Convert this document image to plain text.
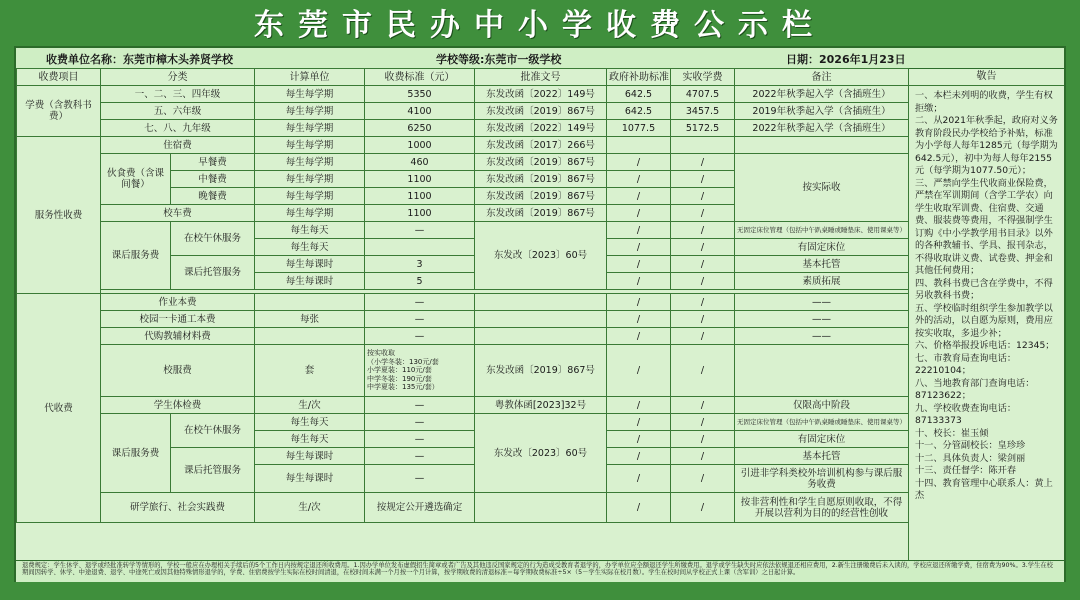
东莞市民办中小学收费公示栏
收费单位名称：东莞市樟木头养贤学校	学校等级:东莞市一级学校	日期：2026年1月23日
收费项目	分类		计算单位	收费标准（元）	批准文号	政府补助标准	实收学费	备注
学费（含教科书费）	一、二、三、四年级		每生每学期	5350	东发改函〔2022〕149号	642.5	4707.5	2022年秋季起入学（含插班生）
	五、六年级		每生每学期	4100	东发改函〔2019〕867号	642.5	3457.5	2019年秋季起入学（含插班生）
	七、八、九年级		每生每学期	6250	东发改函〔2022〕149号	1077.5	5172.5	2022年秋季起入学（含插班生）
服务性收费	住宿费		每生每学期	1000	东发改函〔2017〕266号			
	伙食费（含课间餐）	早餐费	每生每学期	460	东发改函〔2019〕867号	/	/	按实际收
		中餐费	每生每学期	1100	东发改函〔2019〕867号	/	/	
		晚餐费	每生每学期	1100	东发改函〔2019〕867号	/	/	
	校车费		每生每学期	1100	东发改函〔2019〕867号	/	/	
	课后服务费	在校午休服务	每生每天	—	东发改〔2023〕60号	/	/	无固定床位管理（包括中午趴桌睡或睡垫床、使用课桌等）
			每生每天			/	/	有固定床位
		课后托管服务	每生每课时	3		/	/	基本托管
			每生每课时	5		/	/	素质拓展

代收费	作业本费			—		/	/	——
	校园一卡通工本费		每张	—		/	/	——
	代购教辅材料费			—		/	/	——
	校服费		套	按实收取
（小学冬装：130元/套
小学夏装：110元/套
中学冬装：190元/套
中学夏装：135元/套）	东发改函〔2019〕867号	/	/	
	学生体检费		生/次	—	粤教体函[2023]32号	/	/	仅限高中阶段
	课后服务费	在校午休服务	每生每天	—	东发改〔2023〕60号	/	/	无固定床位管理（包括中午趴桌睡或睡垫床、使用课桌等）
			每生每天	—		/	/	有固定床位
		课后托管服务	每生每课时	—		/	/	基本托管
			每生每课时	—		/	/	引进非学科类校外培训机构参与课后服务收费
	研学旅行、社会实践费		生/次	按规定公开遴选确定		/	/	按非营利性和学生自愿原则收取，不得开展以营利为目的的经营性创收
敬告
一、本栏未列明的收费，学生有权拒缴；
二、从2021年秋季起，政府对义务教育阶段民办学校给予补贴，标准为小学每人每年1285元（每学期为642.5元），初中为每人每年2155元（每学期为1077.50元）；
三、严禁向学生代收商业保险费，严禁在军训期间（含学工学农）向学生收取军训费、住宿费、交通费、服装费等费用，不得强制学生订购《中小学教学用书目录》以外的各种教辅书、学具、报刊杂志，不得收取讲义费、试卷费、押金和其他任何费用；
四、教科书费已含在学费中，不得另收教科书费；
五、学校临时组织学生参加教学以外的活动，以自愿为原则，费用应按实收取，多退少补；
六、价格举报投诉电话：12345；
七、市教育局查询电话：22210104；
八、当地教育部门查询电话：87123622；
九、学校收费查询电话：87133373
十、校长：崔玉倾
十一、分管副校长：皇珍珍
十二、具体负责人：梁剑丽
十三、责任督学：陈开春
十四、教育管理中心联系人：黄上杰
退费规定：学生休学、退学或经批准转学等情形的，学校一般应在办理相关手续后的5个工作日内按规定退还所收费用。1.因办学单位发布虚假招生简章或者广告及其他违反国家规定的行为造成受教育者退学的，办学单位应全额退还学生所缴费用。退学或学生缺失时应依法依规退还相应费用，2.新生注册缴费后未入读的，学校应退还所缴学费，住宿费为90%。3.学生在校期间因转学、休学、中途退费、退学、中途死亡或因其他特殊情形退学的，学费、住宿费按学生实际在校时间清退，在校时间未满一个月按一个月计算，按学期收费的清退标准＝每学期收费标准÷5×（5－学生实际在校月数）。学生在校时间从学校正式上课（含军训）之日起计算。
